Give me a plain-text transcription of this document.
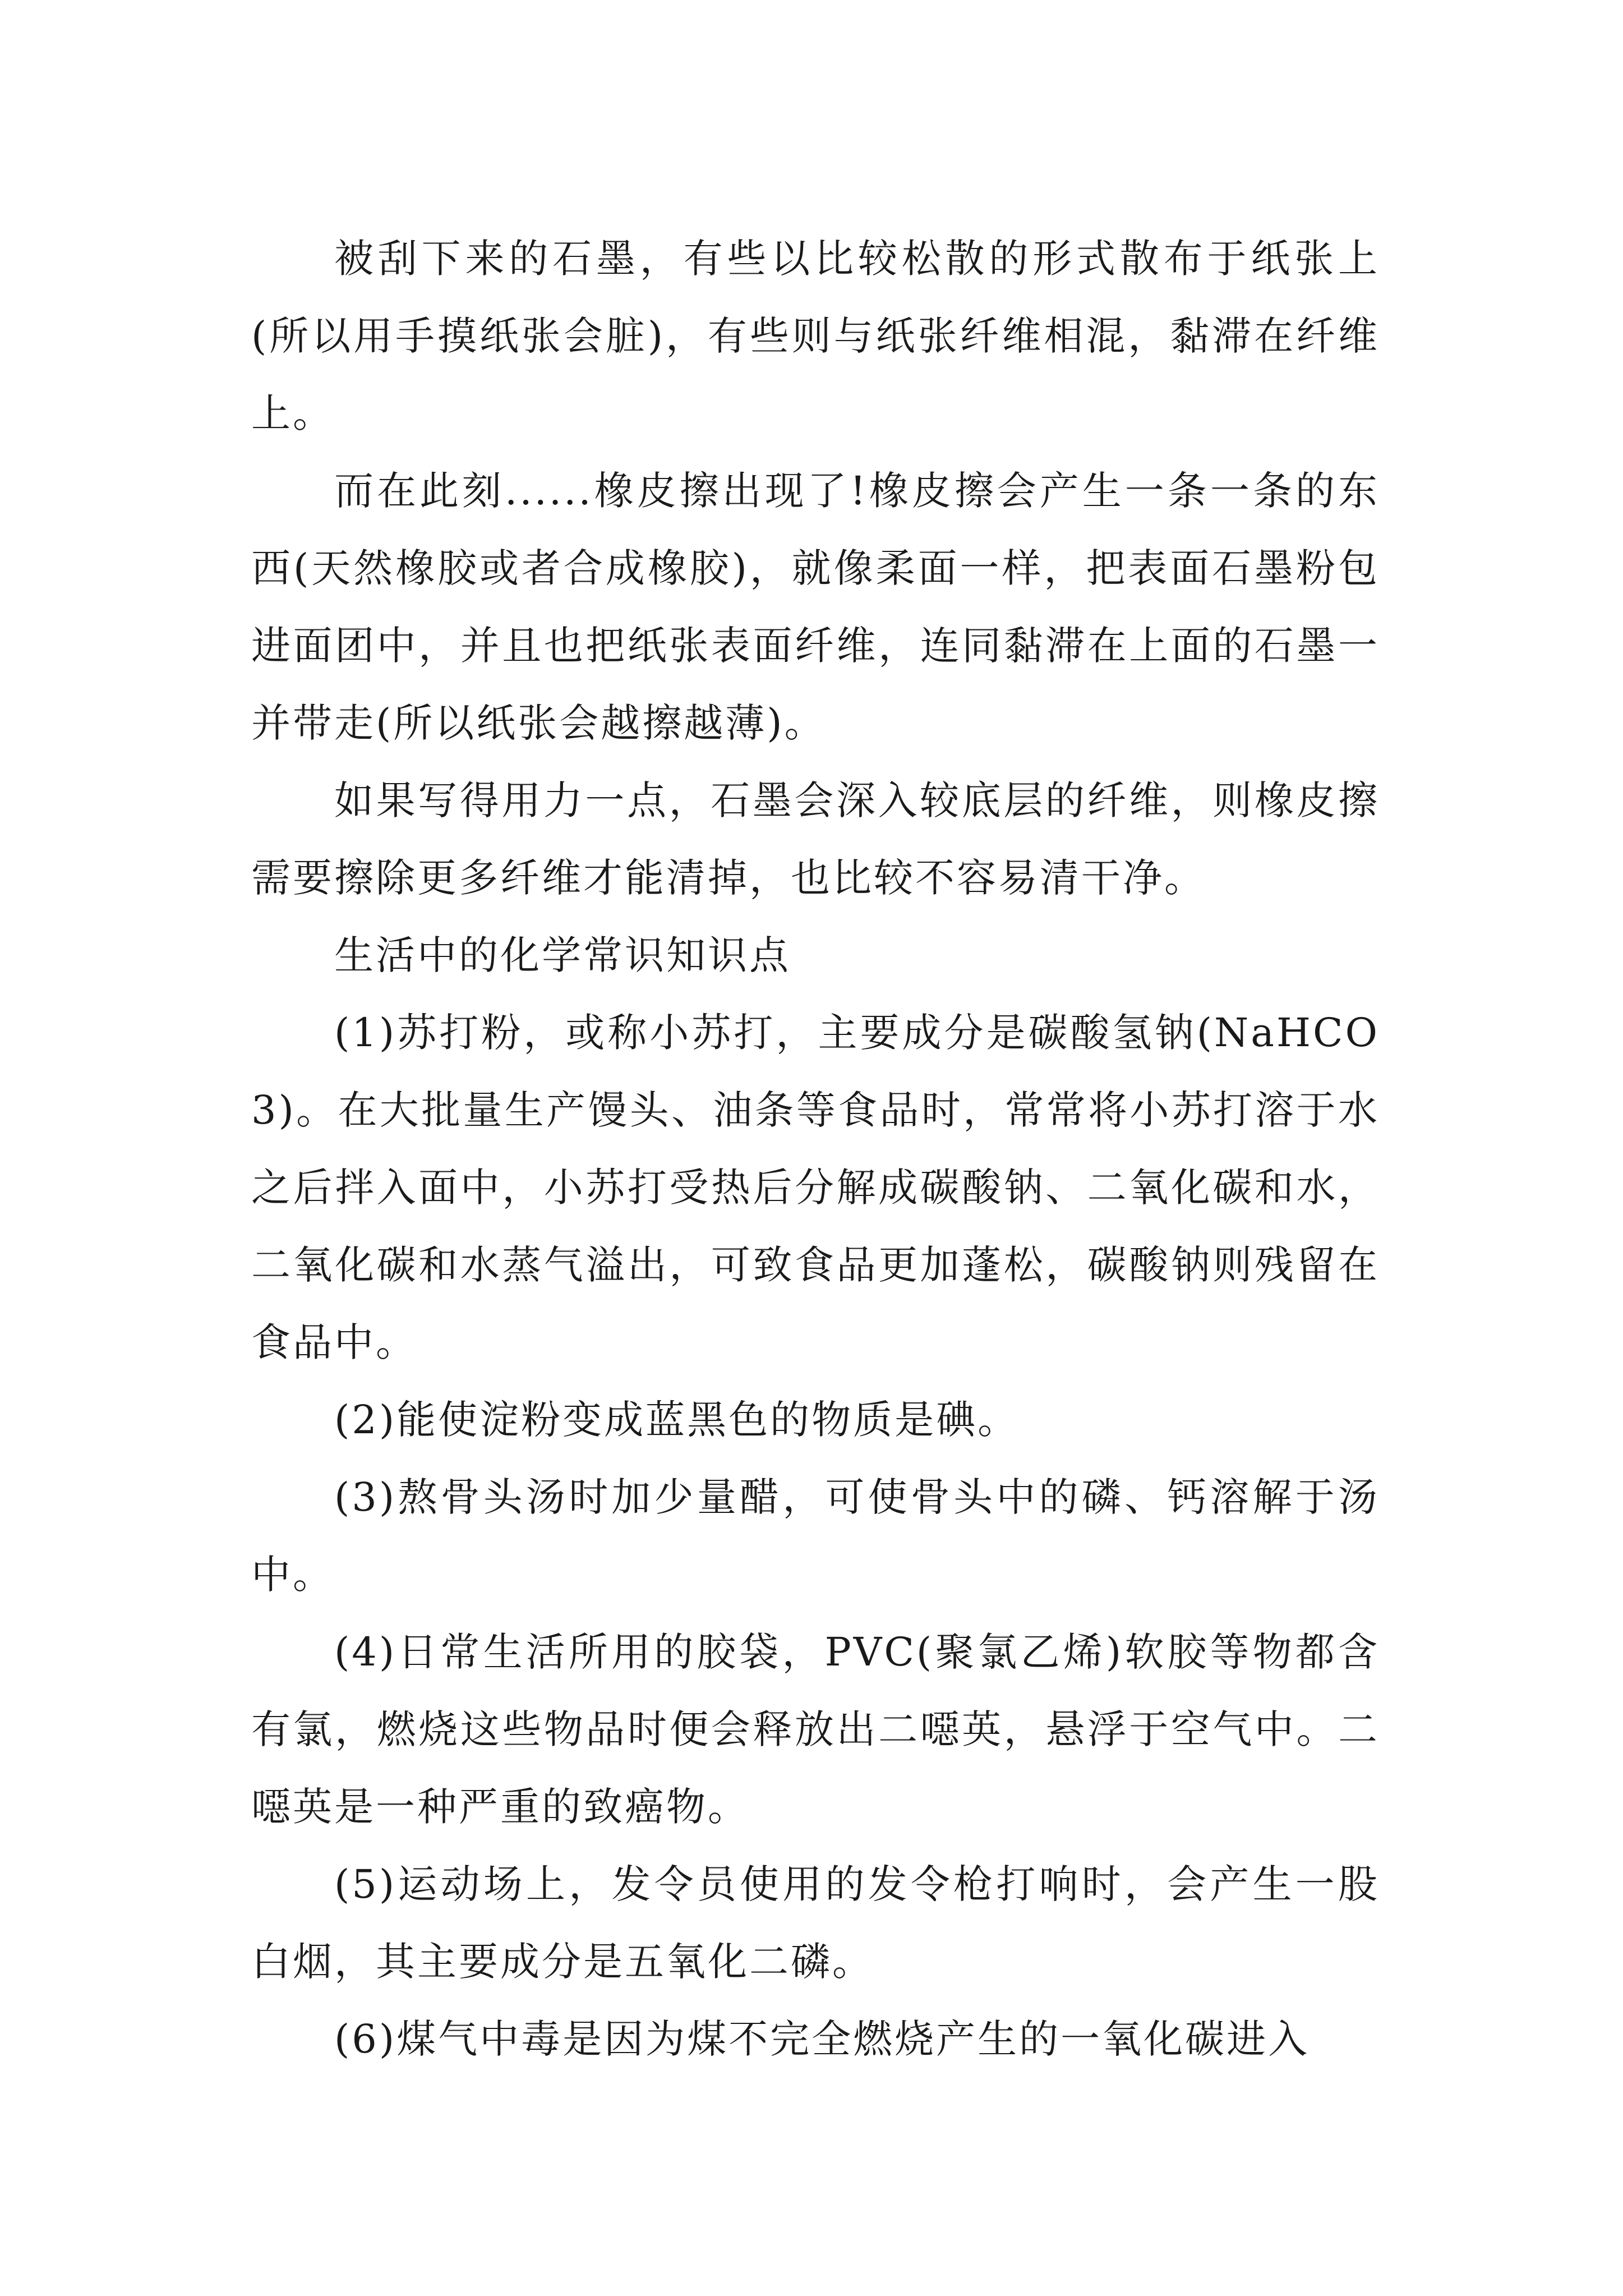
被刮下来的石墨，有些以比较松散的形式散布于纸张上(所以用手摸纸张会脏)，有些则与纸张纤维相混，黏滞在纤维上。

而在此刻......橡皮擦出现了!橡皮擦会产生一条一条的东西(天然橡胶或者合成橡胶)，就像柔面一样，把表面石墨粉包进面团中，并且也把纸张表面纤维，连同黏滞在上面的石墨一并带走(所以纸张会越擦越薄)。

如果写得用力一点，石墨会深入较底层的纤维，则橡皮擦需要擦除更多纤维才能清掉，也比较不容易清干净。

生活中的化学常识知识点

(1)苏打粉，或称小苏打，主要成分是碳酸氢钠(NaHCO3)。在大批量生产馒头、油条等食品时，常常将小苏打溶于水之后拌入面中，小苏打受热后分解成碳酸钠、二氧化碳和水，二氧化碳和水蒸气溢出，可致食品更加蓬松，碳酸钠则残留在食品中。

(2)能使淀粉变成蓝黑色的物质是碘。

(3)熬骨头汤时加少量醋，可使骨头中的磷、钙溶解于汤中。

(4)日常生活所用的胶袋，PVC(聚氯乙烯)软胶等物都含有氯，燃烧这些物品时便会释放出二噁英，悬浮于空气中。二噁英是一种严重的致癌物。

(5)运动场上，发令员使用的发令枪打响时，会产生一股白烟，其主要成分是五氧化二磷。

(6)煤气中毒是因为煤不完全燃烧产生的一氧化碳进入
